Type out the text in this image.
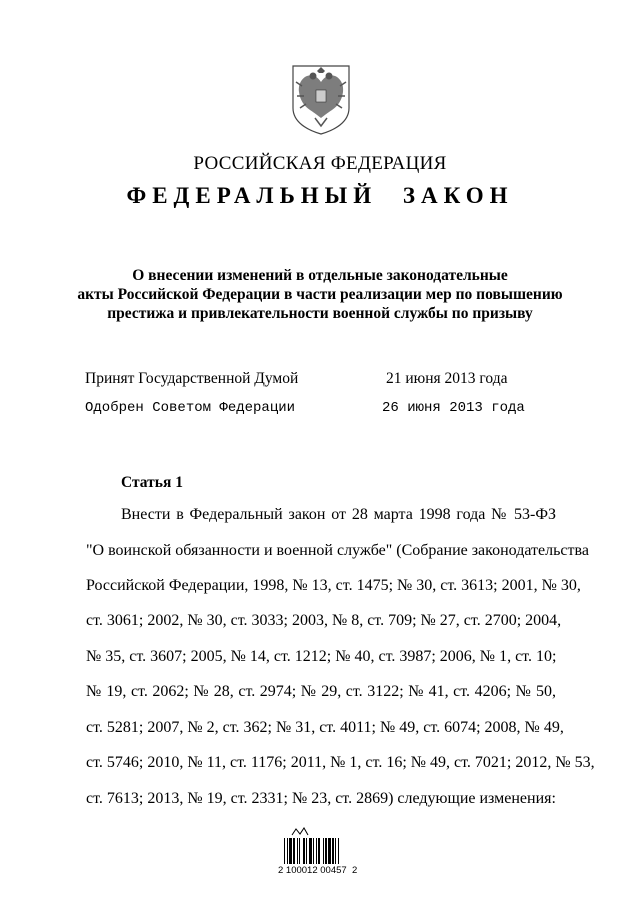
РОССИЙСКАЯ ФЕДЕРАЦИЯ
ФЕДЕРАЛЬНЫЙ ЗАКОН
О внесении изменений в отдельные законодательные
акты Российской Федерации в части реализации мер по повышению
престижа и привлекательности военной службы по призыву
Принят Государственной Думой	21 июня 2013 года
Одобрен Советом Федерации	26 июня 2013 года
Статья 1
Внести в Федеральный закон от 28 марта 1998 года № 53-ФЗ
"О воинской обязанности и военной службе" (Собрание законодательства
Российской Федерации, 1998, № 13, ст. 1475; № 30, ст. 3613; 2001, № 30,
ст. 3061; 2002, № 30, ст. 3033; 2003, № 8, ст. 709; № 27, ст. 2700; 2004,
№ 35, ст. 3607; 2005, № 14, ст. 1212; № 40, ст. 3987; 2006, № 1, ст. 10;
№ 19, ст. 2062; № 28, ст. 2974; № 29, ст. 3122; № 41, ст. 4206; № 50,
ст. 5281; 2007, № 2, ст. 362; № 31, ст. 4011; № 49, ст. 6074; 2008, № 49,
ст. 5746; 2010, № 11, ст. 1176; 2011, № 1, ст. 16; № 49, ст. 7021; 2012, № 53,
ст. 7613; 2013, № 19, ст. 2331; № 23, ст. 2869) следующие изменения:
2 100012 00457  2
